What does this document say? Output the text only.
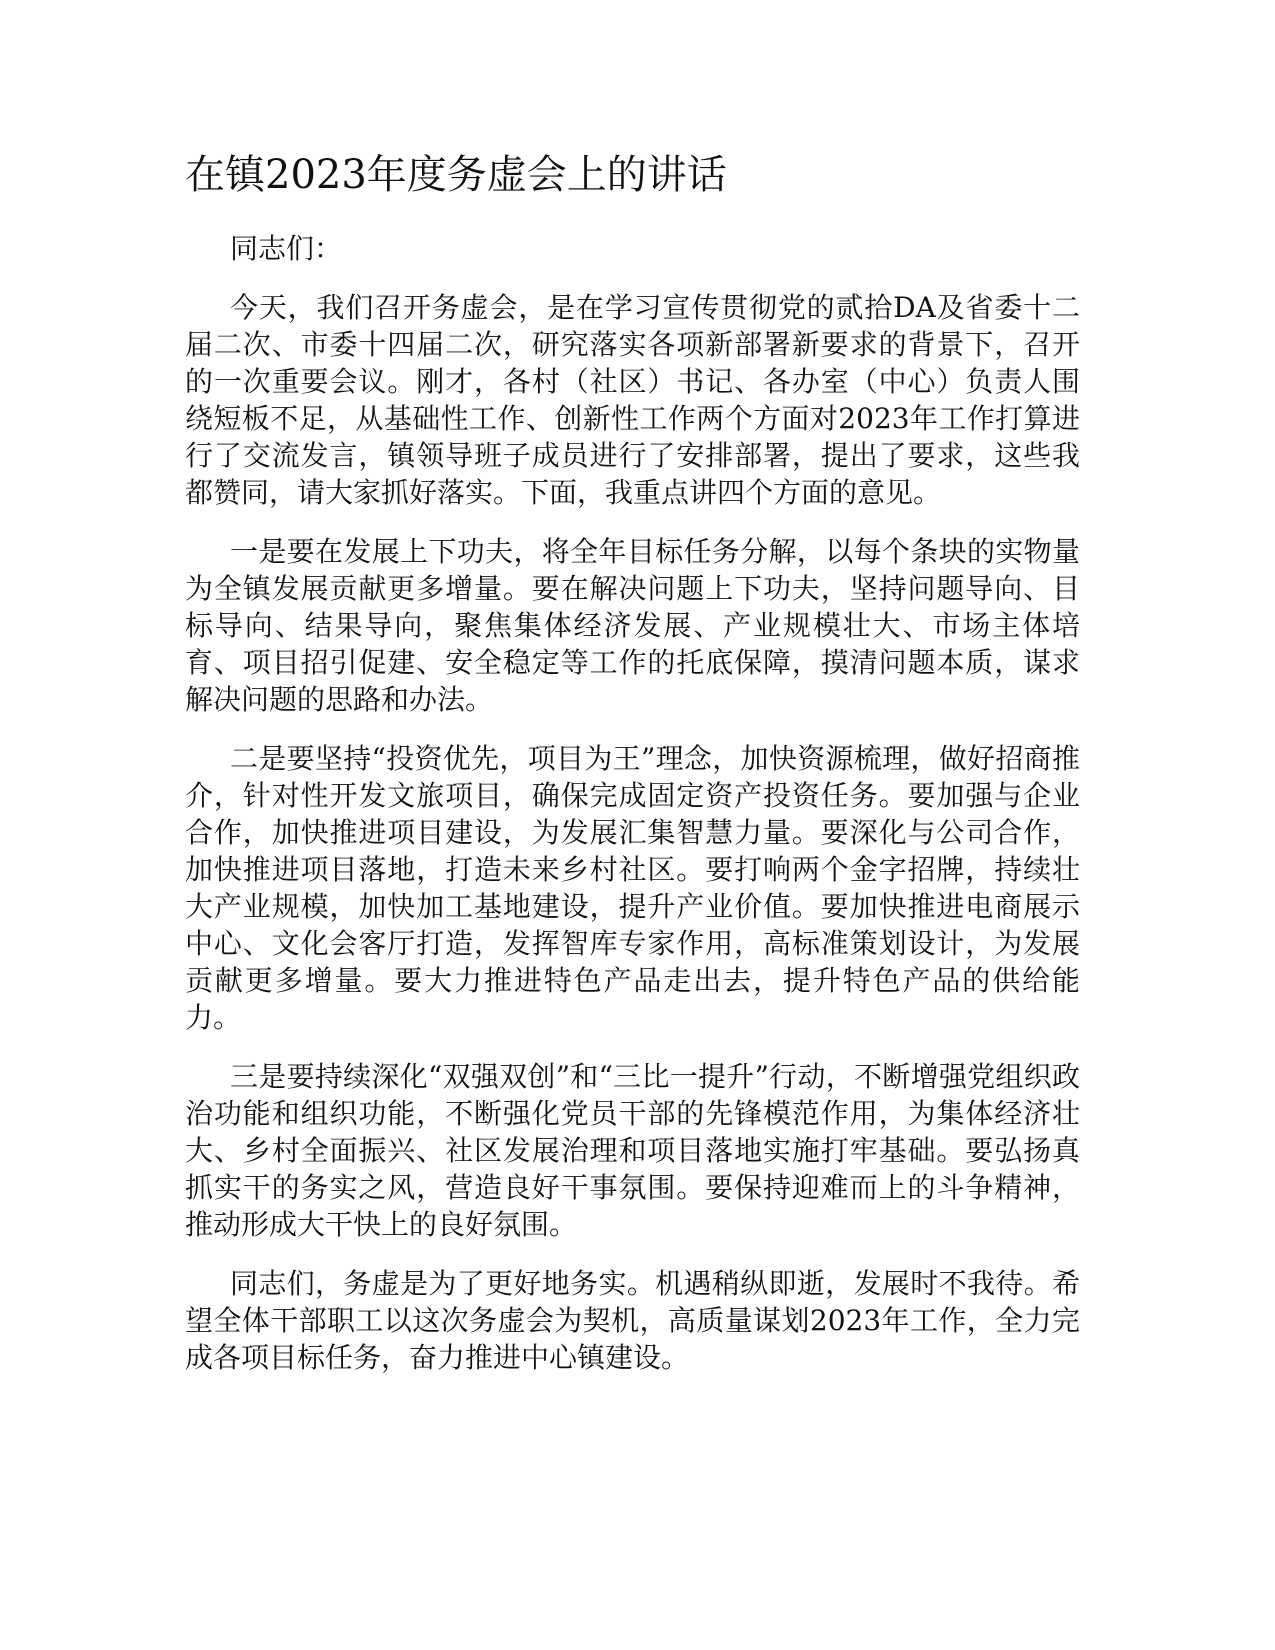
在镇2023年度务虚会上的讲话

同志们：

今天，我们召开务虚会，是在学习宣传贯彻党的贰拾DA及省委十二届二次、市委十四届二次，研究落实各项新部署新要求的背景下，召开的一次重要会议。刚才，各村（社区）书记、各办室（中心）负责人围绕短板不足，从基础性工作、创新性工作两个方面对2023年工作打算进行了交流发言，镇领导班子成员进行了安排部署，提出了要求，这些我都赞同，请大家抓好落实。下面，我重点讲四个方面的意见。

一是要在发展上下功夫，将全年目标任务分解，以每个条块的实物量为全镇发展贡献更多增量。要在解决问题上下功夫，坚持问题导向、目标导向、结果导向，聚焦集体经济发展、产业规模壮大、市场主体培育、项目招引促建、安全稳定等工作的托底保障，摸清问题本质，谋求解决问题的思路和办法。

二是要坚持“投资优先，项目为王”理念，加快资源梳理，做好招商推介，针对性开发文旅项目，确保完成固定资产投资任务。要加强与企业合作，加快推进项目建设，为发展汇集智慧力量。要深化与公司合作，加快推进项目落地，打造未来乡村社区。要打响两个金字招牌，持续壮大产业规模，加快加工基地建设，提升产业价值。要加快推进电商展示中心、文化会客厅打造，发挥智库专家作用，高标准策划设计，为发展贡献更多增量。要大力推进特色产品走出去，提升特色产品的供给能力。

三是要持续深化“双强双创”和“三比一提升”行动，不断增强党组织政治功能和组织功能，不断强化党员干部的先锋模范作用，为集体经济壮大、乡村全面振兴、社区发展治理和项目落地实施打牢基础。要弘扬真抓实干的务实之风，营造良好干事氛围。要保持迎难而上的斗争精神，推动形成大干快上的良好氛围。

同志们，务虚是为了更好地务实。机遇稍纵即逝，发展时不我待。希望全体干部职工以这次务虚会为契机，高质量谋划2023年工作，全力完成各项目标任务，奋力推进中心镇建设。
